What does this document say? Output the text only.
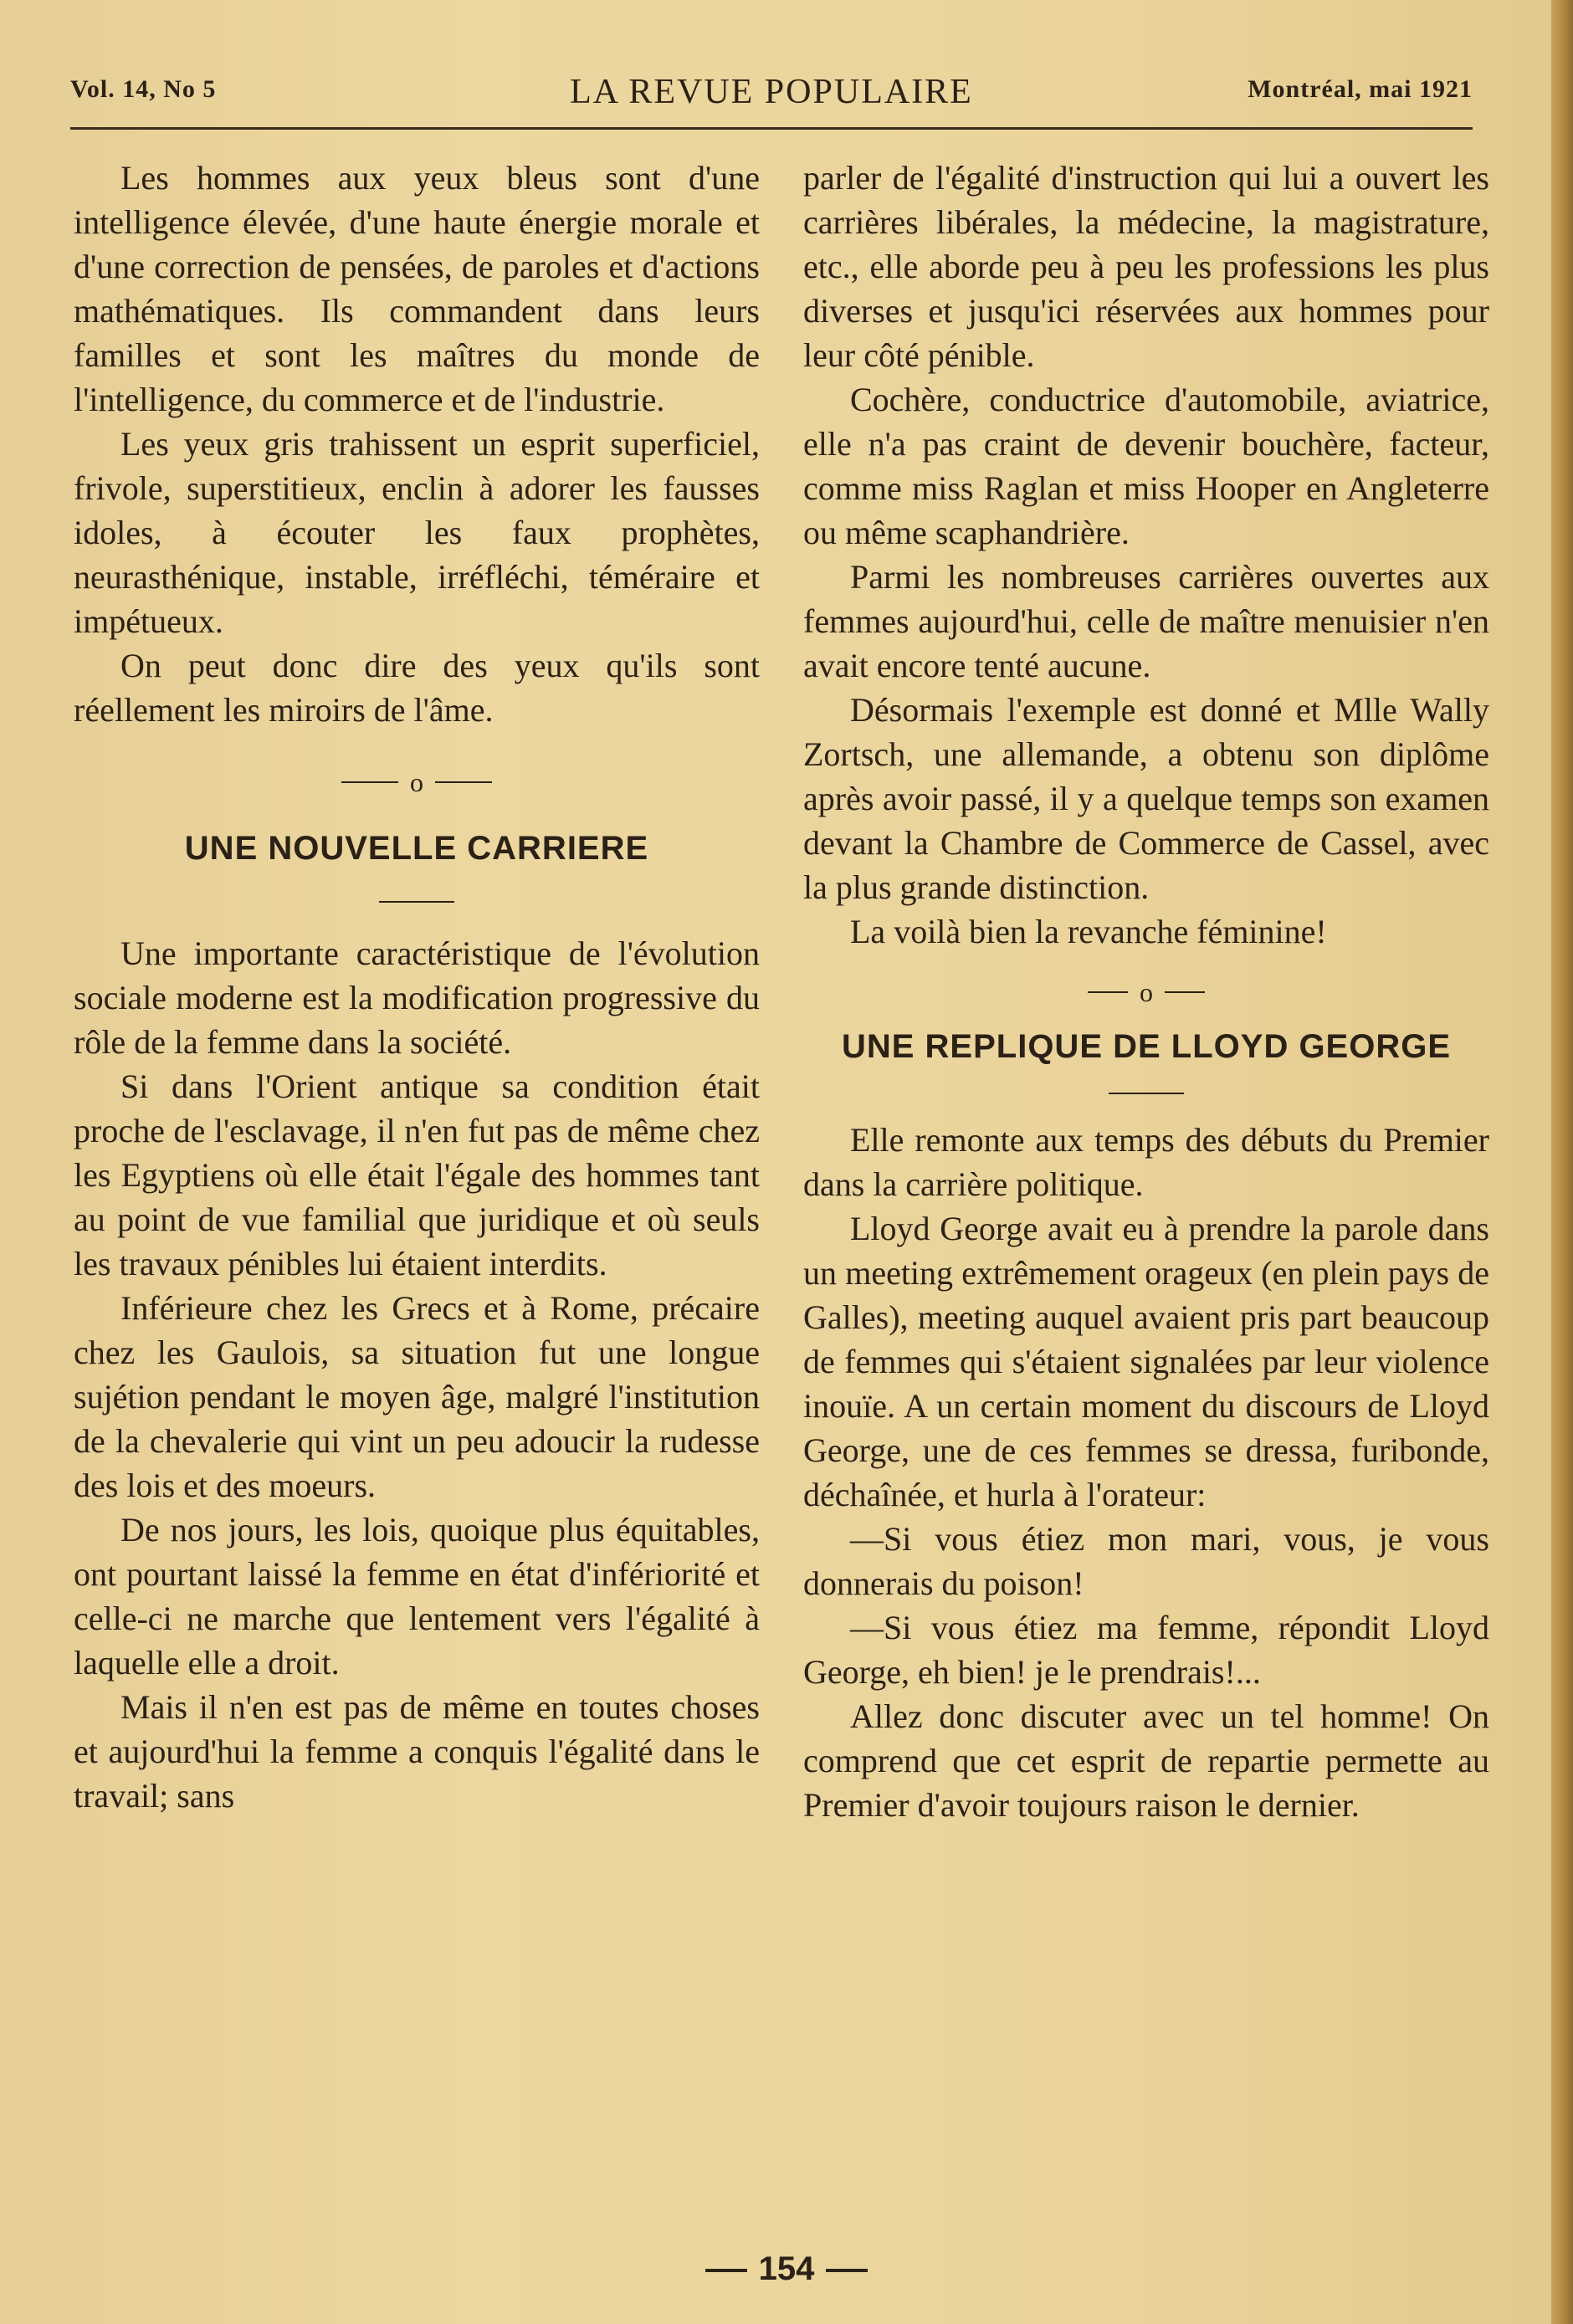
Vol. 14, No 5	LA REVUE POPULAIRE	Montréal, mai 1921

Les hommes aux yeux bleus sont d'une intelligence élevée, d'une haute énergie morale et d'une correction de pensées, de paroles et d'actions mathématiques. Ils commandent dans leurs familles et sont les maîtres du monde de l'intelligence, du commerce et de l'industrie.

Les yeux gris trahissent un esprit superficiel, frivole, superstitieux, enclin à adorer les fausses idoles, à écouter les faux prophètes, neurasthénique, instable, irréfléchi, téméraire et impétueux.

On peut donc dire des yeux qu'ils sont réellement les miroirs de l'âme.

o
UNE NOUVELLE CARRIERE

Une importante caractéristique de l'évolution sociale moderne est la modification progressive du rôle de la femme dans la société.

Si dans l'Orient antique sa condition était proche de l'esclavage, il n'en fut pas de même chez les Egyptiens où elle était l'égale des hommes tant au point de vue familial que juridique et où seuls les travaux pénibles lui étaient interdits.

Inférieure chez les Grecs et à Rome, précaire chez les Gaulois, sa situation fut une longue sujétion pendant le moyen âge, malgré l'institution de la chevalerie qui vint un peu adoucir la rudesse des lois et des moeurs.

De nos jours, les lois, quoique plus équitables, ont pourtant laissé la femme en état d'infériorité et celle-ci ne marche que lentement vers l'égalité à laquelle elle a droit.

Mais il n'en est pas de même en toutes choses et aujourd'hui la femme a conquis l'égalité dans le travail; sans

parler de l'égalité d'instruction qui lui a ouvert les carrières libérales, la médecine, la magistrature, etc., elle aborde peu à peu les professions les plus diverses et jusqu'ici réservées aux hommes pour leur côté pénible.

Cochère, conductrice d'automobile, aviatrice, elle n'a pas craint de devenir bouchère, facteur, comme miss Raglan et miss Hooper en Angleterre ou même scaphandrière.

Parmi les nombreuses carrières ouvertes aux femmes aujourd'hui, celle de maître menuisier n'en avait encore tenté aucune.

Désormais l'exemple est donné et Mlle Wally Zortsch, une allemande, a obtenu son diplôme après avoir passé, il y a quelque temps son examen devant la Chambre de Commerce de Cassel, avec la plus grande distinction.

La voilà bien la revanche féminine!

o
UNE REPLIQUE DE LLOYD GEORGE

Elle remonte aux temps des débuts du Premier dans la carrière politique.

Lloyd George avait eu à prendre la parole dans un meeting extrêmement orageux (en plein pays de Galles), meeting auquel avaient pris part beaucoup de femmes qui s'étaient signalées par leur violence inouïe. A un certain moment du discours de Lloyd George, une de ces femmes se dressa, furibonde, déchaînée, et hurla à l'orateur:

—Si vous étiez mon mari, vous, je vous donnerais du poison!

—Si vous étiez ma femme, répondit Lloyd George, eh bien! je le prendrais!...

Allez donc discuter avec un tel homme! On comprend que cet esprit de repartie permette au Premier d'avoir toujours raison le dernier.

154
